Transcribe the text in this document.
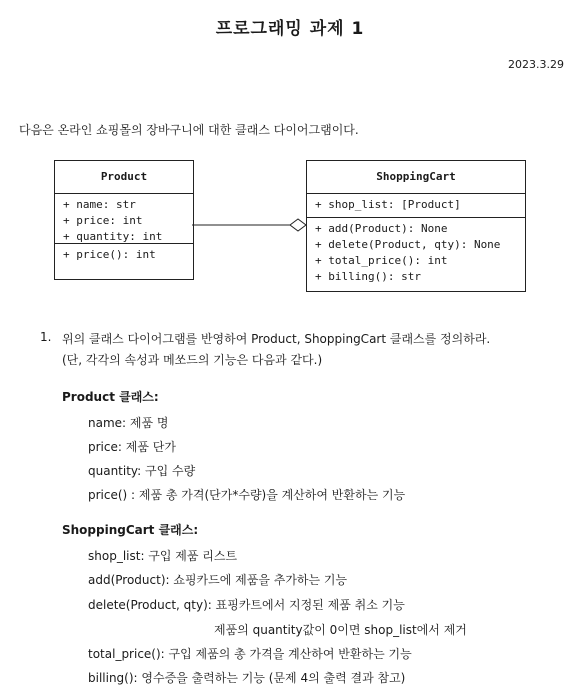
프로그래밍 과제 1
2023.3.29
다음은 온라인 쇼핑몰의 장바구니에 대한 클래스 다이어그램이다.
Product
+ name: str
+ price: int
+ quantity: int
+ price(): int
ShoppingCart
+ shop_list: [Product]
+ add(Product): None
+ delete(Product, qty): None
+ total_price(): int
+ billing(): str
1. 위의 클래스 다이어그램를 반영하여 Product, ShoppingCart 클래스를 정의하라.
(단, 각각의 속성과 메쏘드의 기능은 다음과 같다.)
Product 클래스:
name: 제품 명
price: 제품 단가
quantity: 구입 수량
price() : 제품 총 가격(단가*수량)을 계산하여 반환하는 기능
ShoppingCart 클래스:
shop_list: 구입 제품 리스트
add(Product): 쇼핑카드에 제품을 추가하는 기능
delete(Product, qty): 표핑카트에서 지정된 제품 취소 기능
제품의 quantity값이 0이면 shop_list에서 제거
total_price(): 구입 제품의 총 가격을 계산하여 반환하는 기능
billing(): 영수증을 출력하는 기능 (문제 4의 출력 결과 참고)
